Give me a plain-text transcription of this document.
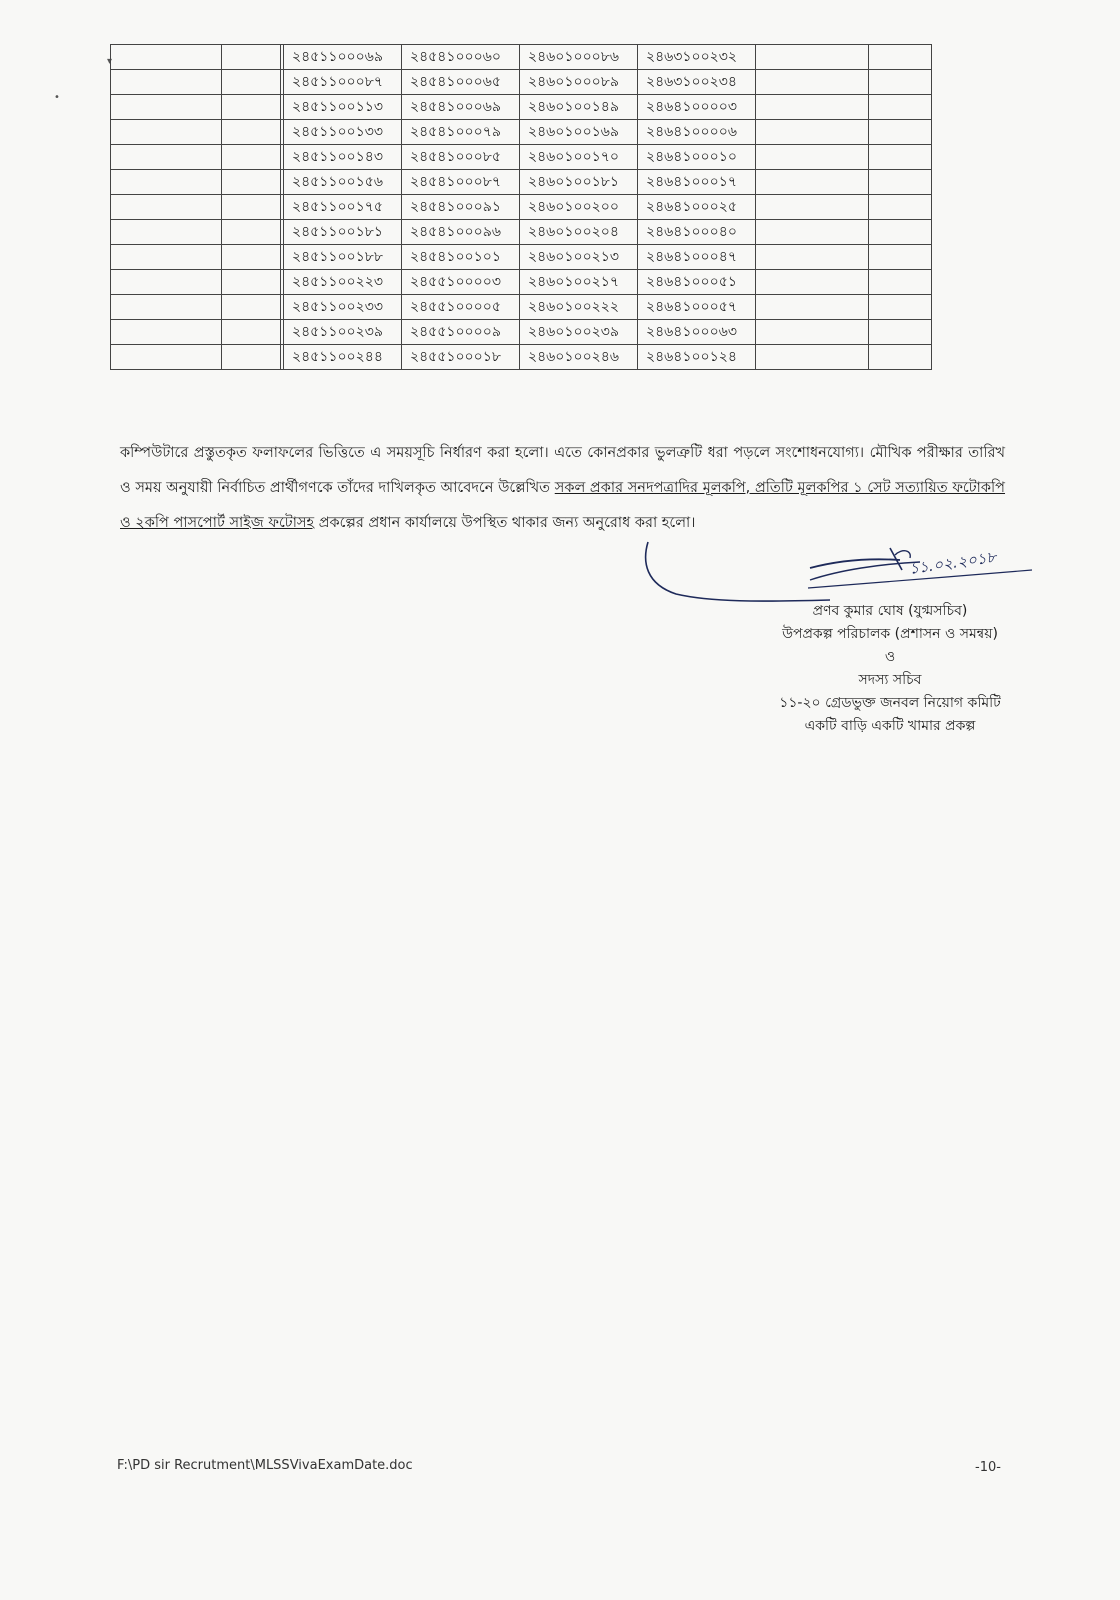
▾
•
			২৪৫১১০০০৬৯	২৪৫৪১০০০৬০	২৪৬০১০০০৮৬	২৪৬৩১০০২৩২		
			২৪৫১১০০০৮৭	২৪৫৪১০০০৬৫	২৪৬০১০০০৮৯	২৪৬৩১০০২৩৪		
			২৪৫১১০০১১৩	২৪৫৪১০০০৬৯	২৪৬০১০০১৪৯	২৪৬৪১০০০০৩		
			২৪৫১১০০১৩৩	২৪৫৪১০০০৭৯	২৪৬০১০০১৬৯	২৪৬৪১০০০০৬		
			২৪৫১১০০১৪৩	২৪৫৪১০০০৮৫	২৪৬০১০০১৭০	২৪৬৪১০০০১০		
			২৪৫১১০০১৫৬	২৪৫৪১০০০৮৭	২৪৬০১০০১৮১	২৪৬৪১০০০১৭		
			২৪৫১১০০১৭৫	২৪৫৪১০০০৯১	২৪৬০১০০২০০	২৪৬৪১০০০২৫		
			২৪৫১১০০১৮১	২৪৫৪১০০০৯৬	২৪৬০১০০২০৪	২৪৬৪১০০০৪০		
			২৪৫১১০০১৮৮	২৪৫৪১০০১০১	২৪৬০১০০২১৩	২৪৬৪১০০০৪৭		
			২৪৫১১০০২২৩	২৪৫৫১০০০০৩	২৪৬০১০০২১৭	২৪৬৪১০০০৫১		
			২৪৫১১০০২৩৩	২৪৫৫১০০০০৫	২৪৬০১০০২২২	২৪৬৪১০০০৫৭		
			২৪৫১১০০২৩৯	২৪৫৫১০০০০৯	২৪৬০১০০২৩৯	২৪৬৪১০০০৬৩		
			২৪৫১১০০২৪৪	২৪৫৫১০০০১৮	২৪৬০১০০২৪৬	২৪৬৪১০০১২৪		
কম্পিউটারে প্রস্তুতকৃত ফলাফলের ভিত্তিতে এ সময়সূচি নির্ধারণ করা হলো। এতে কোনপ্রকার ভুলত্রুটি ধরা পড়লে সংশোধনযোগ্য। মৌখিক পরীক্ষার তারিখ ও সময় অনুযায়ী নির্বাচিত প্রার্থীগণকে তাঁদের দাখিলকৃত আবেদনে উল্লেখিত সকল প্রকার সনদপত্রাদির মূলকপি, প্রতিটি মূলকপির ১ সেট সত্যায়িত ফটোকপি ও ২কপি পাসপোর্ট সাইজ ফটোসহ প্রকল্পের প্রধান কার্যালয়ে উপস্থিত থাকার জন্য অনুরোধ করা হলো।
১১.০২.২০১৮
প্রণব কুমার ঘোষ (যুগ্মসচিব)
উপপ্রকল্প পরিচালক (প্রশাসন ও সমন্বয়)
ও
সদস্য সচিব
১১-২০ গ্রেডভুক্ত জনবল নিয়োগ কমিটি
একটি বাড়ি একটি খামার প্রকল্প
F:\PD sir Recrutment\MLSSVivaExamDate.doc	-10-
